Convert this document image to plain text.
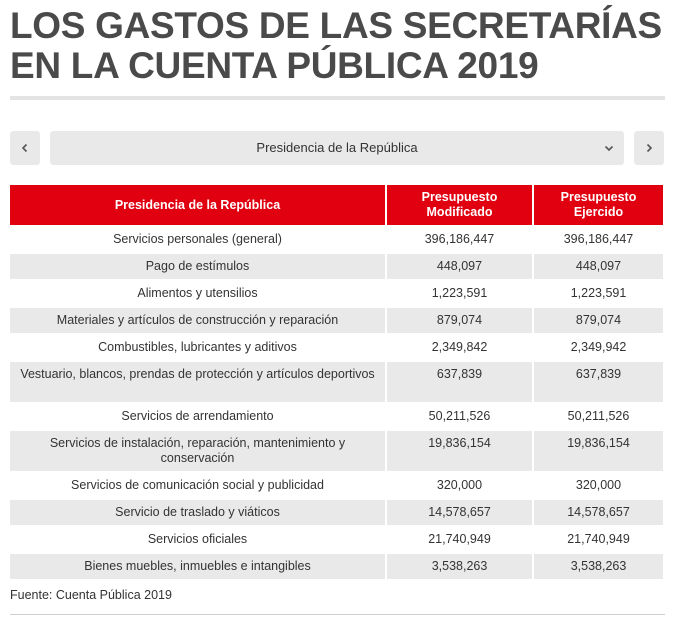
LOS GASTOS DE LAS SECRETARÍAS EN LA CUENTA PÚBLICA 2019
Presidencia de la República
Presidencia de la República	Presupuesto Modificado	Presupuesto Ejercido
Servicios personales (general)	396,186,447	396,186,447
Pago de estímulos	448,097	448,097
Alimentos y utensilios	1,223,591	1,223,591
Materiales y artículos de construcción y reparación	879,074	879,074
Combustibles, lubricantes y aditivos	2,349,842	2,349,942
Vestuario, blancos, prendas de protección y artículos deportivos	637,839	637,839
Servicios de arrendamiento	50,211,526	50,211,526
Servicios de instalación, reparación, mantenimiento y conservación	19,836,154	19,836,154
Servicios de comunicación social y publicidad	320,000	320,000
Servicio de traslado y viáticos	14,578,657	14,578,657
Servicios oficiales	21,740,949	21,740,949
Bienes muebles, inmuebles e intangibles	3,538,263	3,538,263
Fuente: Cuenta Pública 2019
